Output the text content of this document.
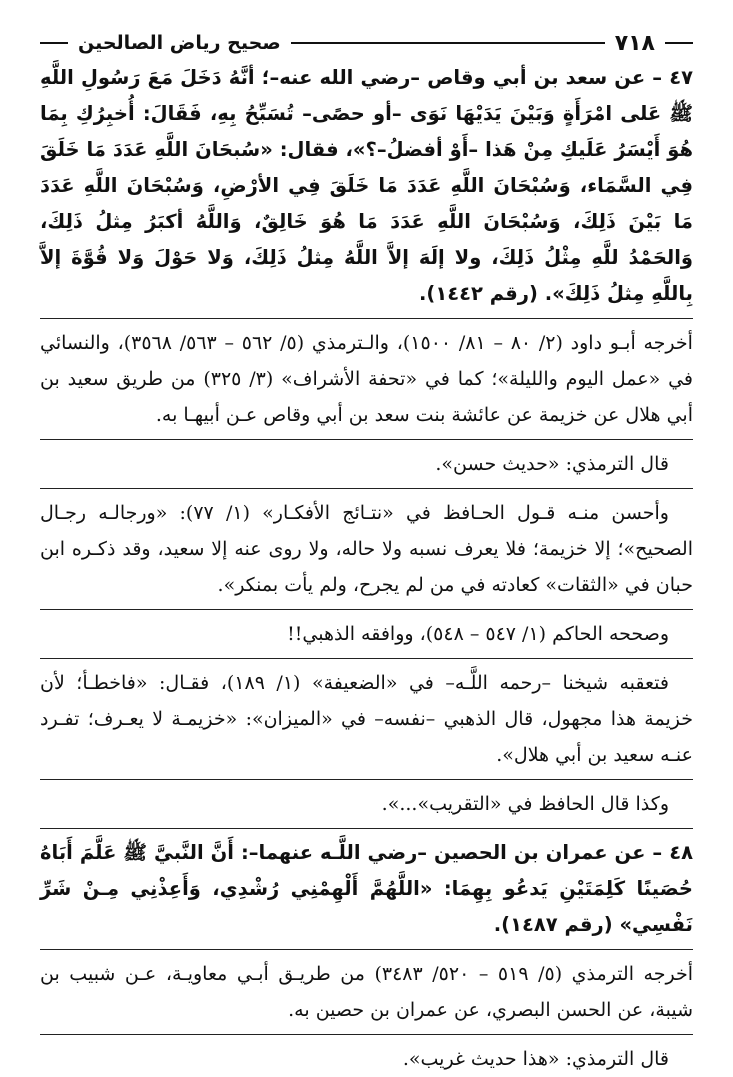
٧١٨
صحيح رياض الصالحين

٤٧ – عن سعد بن أبي وقاص –رضي الله عنه–؛ أنَّهُ دَخَلَ مَعَ رَسُولِ اللَّهِ ﷺ عَلى امْرَأَةٍ وَبَيْنَ يَدَيْهَا نَوَى –أو حصًى– تُسَبِّحُ بِهِ، فَقَالَ: أُخبِرُكِ بِمَا هُوَ أَيْسَرُ عَلَيكِ مِنْ هَذا –أَوْ أفضلُ–؟»، فقال: «سُبحَانَ اللَّهِ عَدَدَ مَا خَلَقَ فِي السَّمَاء، وَسُبْحَانَ اللَّهِ عَدَدَ مَا خَلَقَ فِي الأرْضِ، وَسُبْحَانَ اللَّهِ عَدَدَ مَا بَيْنَ ذَلِكَ، وَسُبْحَانَ اللَّهِ عَدَدَ مَا هُوَ خَالِقٌ، وَاللَّهُ أكبَرُ مِثلُ ذَلِكَ، وَالحَمْدُ للَّهِ مِثْلُ ذَلِكَ، ولا إلَهَ إلاَّ اللَّهُ مِثلُ ذَلِكَ، وَلا حَوْلَ وَلا قُوَّةَ إلاَّ بِاللَّهِ مِثلُ ذَلِكَ». (رقم ١٤٤٢).

أخرجه أبـو داود (٢/ ٨٠ – ٨١/ ١٥٠٠)، والـترمذي (٥/ ٥٦٢ – ٥٦٣/ ٣٥٦٨)، والنسائي في «عمل اليوم والليلة»؛ كما في «تحفة الأشراف» (٣/ ٣٢٥) من طريق سعيد بن أبي هلال عن خزيمة عن عائشة بنت سعد بن أبي وقاص عـن أبيهـا به.

قال الترمذي: «حديث حسن».

وأحسن منـه قـول الحـافظ في «نتـائج الأفكـار» (١/ ٧٧): «ورجالـه رجـال الصحيح»؛ إلا خزيمة؛ فلا يعرف نسبه ولا حاله، ولا روى عنه إلا سعيد، وقد ذكـره ابن حبان في «الثقات» كعادته في من لم يجرح، ولم يأت بمنكر».

وصححه الحاكم (١/ ٥٤٧ – ٥٤٨)، ووافقه الذهبي!!

فتعقبه شيخنا –رحمه اللَّـه– في «الضعيفة» (١/ ١٨٩)، فقـال: «فاخطـأ؛ لأن خزيمة هذا مجهول، قال الذهبي –نفسه– في «الميزان»: «خزيمـة لا يعـرف؛ تفـرد عنـه سعيد بن أبي هلال».

وكذا قال الحافظ في «التقريب»...».

٤٨ – عن عمران بن الحصين –رضي اللَّـه عنهما–: أَنَّ النَّبيَّ ﷺ عَلَّمَ أَبَاهُ حُصَينًا كَلِمَتَيْنِ يَدعُو بِهِمَا: «اللَّهُمَّ أَلْهِمْنِي رُشْدِي، وَأَعِذْنِي مِـنْ شَرِّ نَفْسِي» (رقم ١٤٨٧).

أخرجه الترمذي (٥/ ٥١٩ – ٥٢٠/ ٣٤٨٣) من طريـق أبـي معاويـة، عـن شبيب بن شيبة، عن الحسن البصري، عن عمران بن حصين به.

قال الترمذي: «هذا حديث غريب».
